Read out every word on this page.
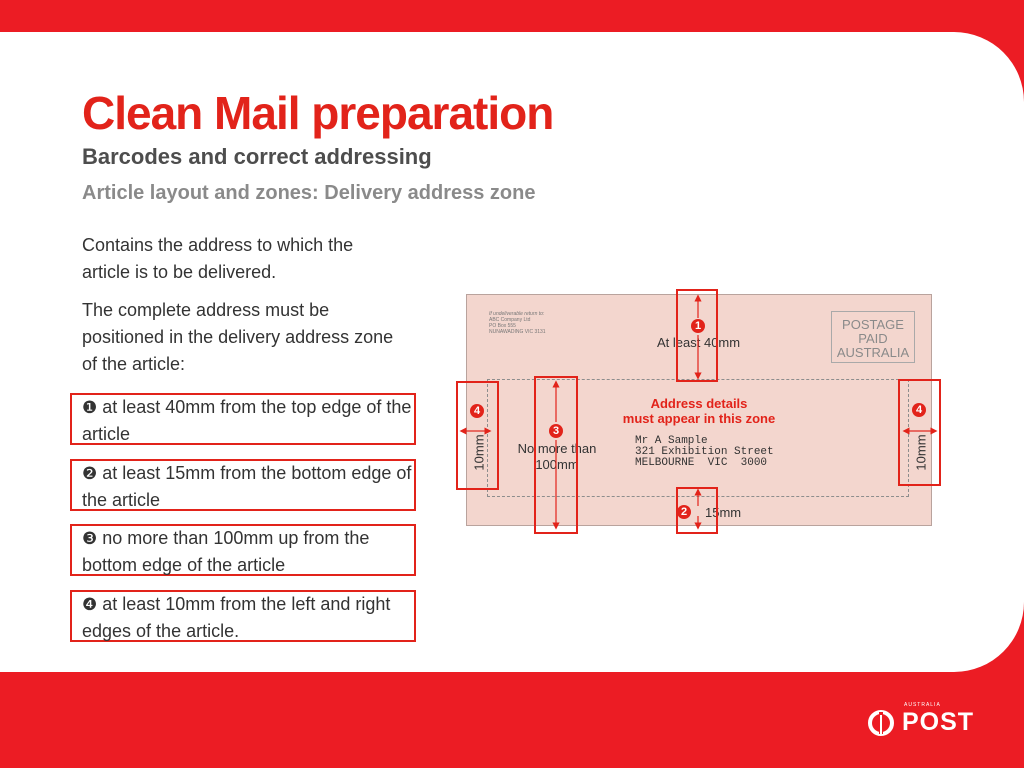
Clean Mail preparation
Barcodes and correct addressing
Article layout and zones: Delivery address zone
Contains the address to which the article is to be delivered.
The complete address must be positioned in the delivery address zone of the article:
❶ at least 40mm from the top edge of the article
❷ at least 15mm from the bottom edge of the article
❸ no more than 100mm up from the bottom edge of the article
❹ at least 10mm from the left and right edges of the article.
If undeliverable return to:
ABC Company Ltd
PO Box 555
NUNAWADING VIC 3131	POSTAGE
PAID
AUSTRALIA
Address details
must appear in this zone
Mr A Sample
321 Exhibition Street
MELBOURNE  VIC  3000
At least 40mm
15mm
No more than 100mm
10mm	10mm
1
2
3
4	4
AUSTRALIA
POST
